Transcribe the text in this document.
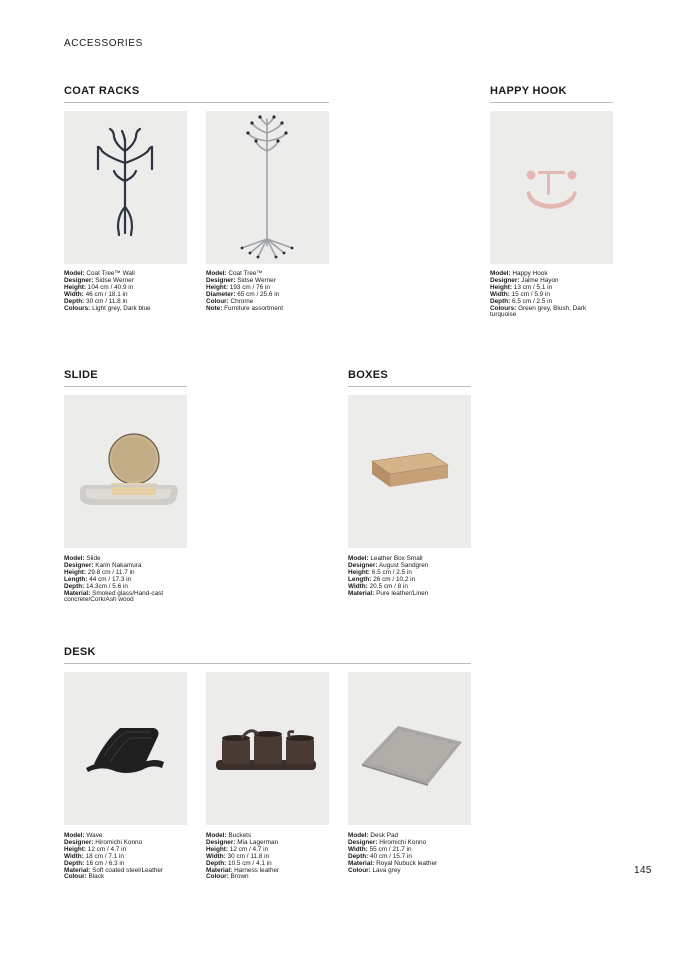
ACCESSORIES
COAT RACKS
Model: Coat Tree™ Wall
Designer: Sidse Werner
Height: 104 cm / 40.9 in
Width: 46 cm / 18.1 in
Depth: 30 cm / 11.8 in
Colours: Light grey, Dark blue
Model: Coat Tree™
Designer: Sidse Werner
Height: 193 cm / 76 in
Diameter: 65 cm / 25.6 in
Colour: Chrome
Note: Furniture assortment
HAPPY HOOK
Model: Happy Hook
Designer: Jaime Hayon
Height: 13 cm / 5.1 in
Width: 15 cm / 5.9 in
Depth: 6.5 cm / 2.5 in
Colours: Green grey, Blush, Dark turquoise
SLIDE
Model: Slide
Designer: Karin Nakamura
Height: 29.8 cm / 11.7 in
Length: 44 cm / 17.3 in
Depth: 14.3cm / 5.6 in
Material: Smoked glass/Hand-cast concrete/Cork/Ash wood
BOXES
Model: Leather Box Small
Designer: August Sandgren
Height: 6.5 cm / 2.5 in
Length: 26 cm / 10.2 in
Width: 20.5 cm / 8 in
Material: Pure leather/Linen
DESK
Model: Wave
Designer: Hiromichi Konno
Height: 12 cm / 4.7 in
Width: 18 cm / 7.1 in
Depth: 16 cm / 6.3 in
Material: Soft coated steel/Leather
Colour: Black
Model: Buckets
Designer: Mia Lagerman
Height: 12 cm / 4.7 in
Width: 30 cm / 11.8 in
Depth: 10.5 cm / 4.1 in
Material: Harness leather
Colour: Brown
Model: Desk Pad
Designer: Hiromichi Konno
Width: 55 cm / 21.7 in
Depth: 40 cm / 15.7 in
Material: Royal Nubuck leather
Colour: Lava grey	145
